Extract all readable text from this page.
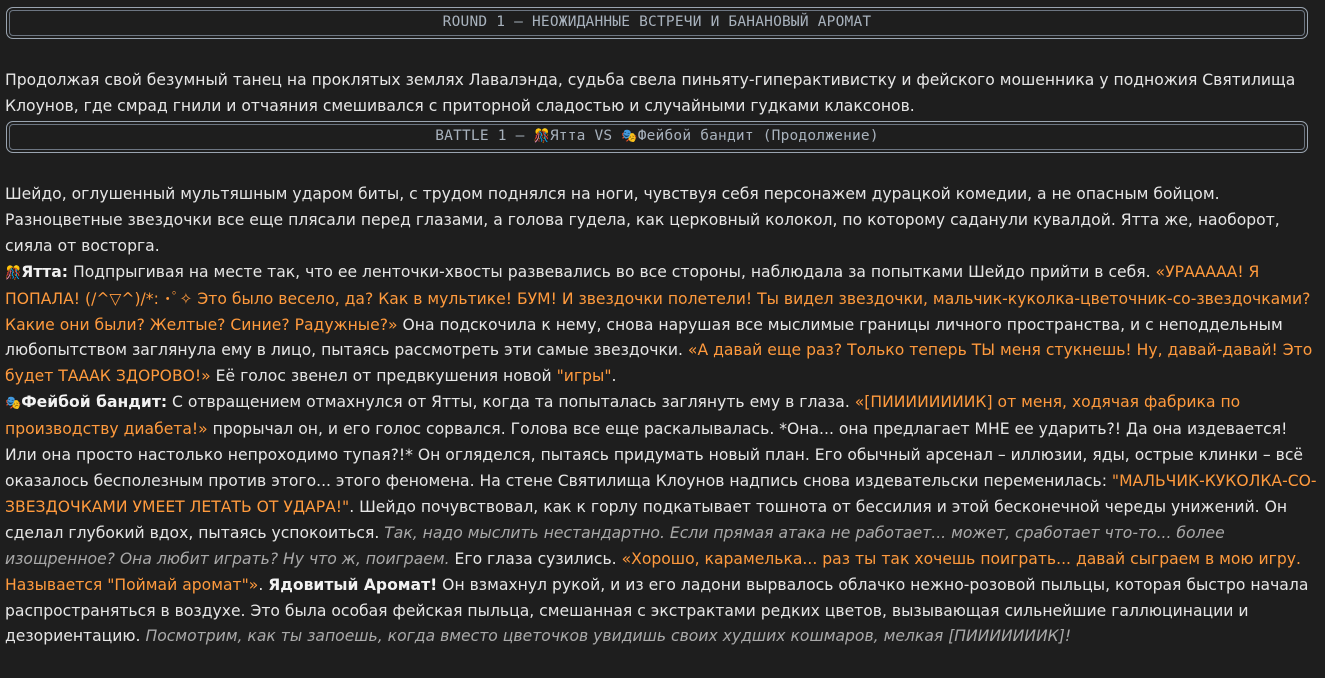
ROUND 1 – НЕОЖИДАННЫЕ ВСТРЕЧИ И БАНАНОВЫЙ АРОМАТ

Продолжая свой безумный танец на проклятых землях Лавалэнда, судьба свела пиньяту-гиперактивистку и фейского мошенника у подножия Святилища Клоунов, где смрад гнили и отчаяния смешивался с приторной сладостью и случайными гудками клаксонов.

BATTLE 1 – 🎊Ятта VS 🎭Фейбой бандит (Продолжение)
Шейдо, оглушенный мультяшным ударом биты, с трудом поднялся на ноги, чувствуя себя персонажем дурацкой комедии, а не опасным бойцом. Разноцветные звездочки все еще плясали перед глазами, а голова гудела, как церковный колокол, по которому саданули кувалдой. Ятта же, наоборот, сияла от восторга.
🎊Ятта: Подпрыгивая на месте так, что ее ленточки-хвосты развевались во все стороны, наблюдала за попытками Шейдо прийти в себя. «УРААААА! Я ПОПАЛА! (/^▽^)/*: ･ﾟ✧ Это было весело, да? Как в мультике! БУМ! И звездочки полетели! Ты видел звездочки, мальчик-куколка-цветочник-со-звездочками? Какие они были? Желтые? Синие? Радужные?» Она подскочила к нему, снова нарушая все мыслимые границы личного пространства, и с неподдельным любопытством заглянула ему в лицо, пытаясь рассмотреть эти самые звездочки. «А давай еще раз? Только теперь ТЫ меня стукнешь! Ну, давай-давай! Это будет ТААAК ЗДОРОВО!» Её голос звенел от предвкушения новой "игры".
🎭Фейбой бандит: С отвращением отмахнулся от Ятты, когда та попыталась заглянуть ему в глаза. «[ПИИИИИИИИК] от меня, ходячая фабрика по производству диабета!» прорычал он, и его голос сорвался. Голова все еще раскалывалась. *Она... она предлагает МНЕ ее ударить?! Да она издевается! Или она просто настолько непроходимо тупая?!* Он огляделся, пытаясь придумать новый план. Его обычный арсенал – иллюзии, яды, острые клинки – всё оказалось бесполезным против этого... этого феномена. На стене Святилища Клоунов надпись снова издевательски переменилась: "МАЛЬЧИК-КУКОЛКА-СО-ЗВЕЗДОЧКАМИ УМЕЕТ ЛЕТАТЬ ОТ УДАРА!". Шейдо почувствовал, как к горлу подкатывает тошнота от бессилия и этой бесконечной череды унижений. Он сделал глубокий вдох, пытаясь успокоиться. Так, надо мыслить нестандартно. Если прямая атака не работает... может, сработает что-то... более изощренное? Она любит играть? Ну что ж, поиграем. Его глаза сузились. «Хорошо, карамелька... раз ты так хочешь поиграть... давай сыграем в мою игру. Называется "Поймай аромат"». Ядовитый Аромат! Он взмахнул рукой, и из его ладони вырвалось облачко нежно-розовой пыльцы, которая быстро начала распространяться в воздухе. Это была особая фейская пыльца, смешанная с экстрактами редких цветов, вызывающая сильнейшие галлюцинации и дезориентацию. Посмотрим, как ты запоешь, когда вместо цветочков увидишь своих худших кошмаров, мелкая [ПИИИИИИИК]!
